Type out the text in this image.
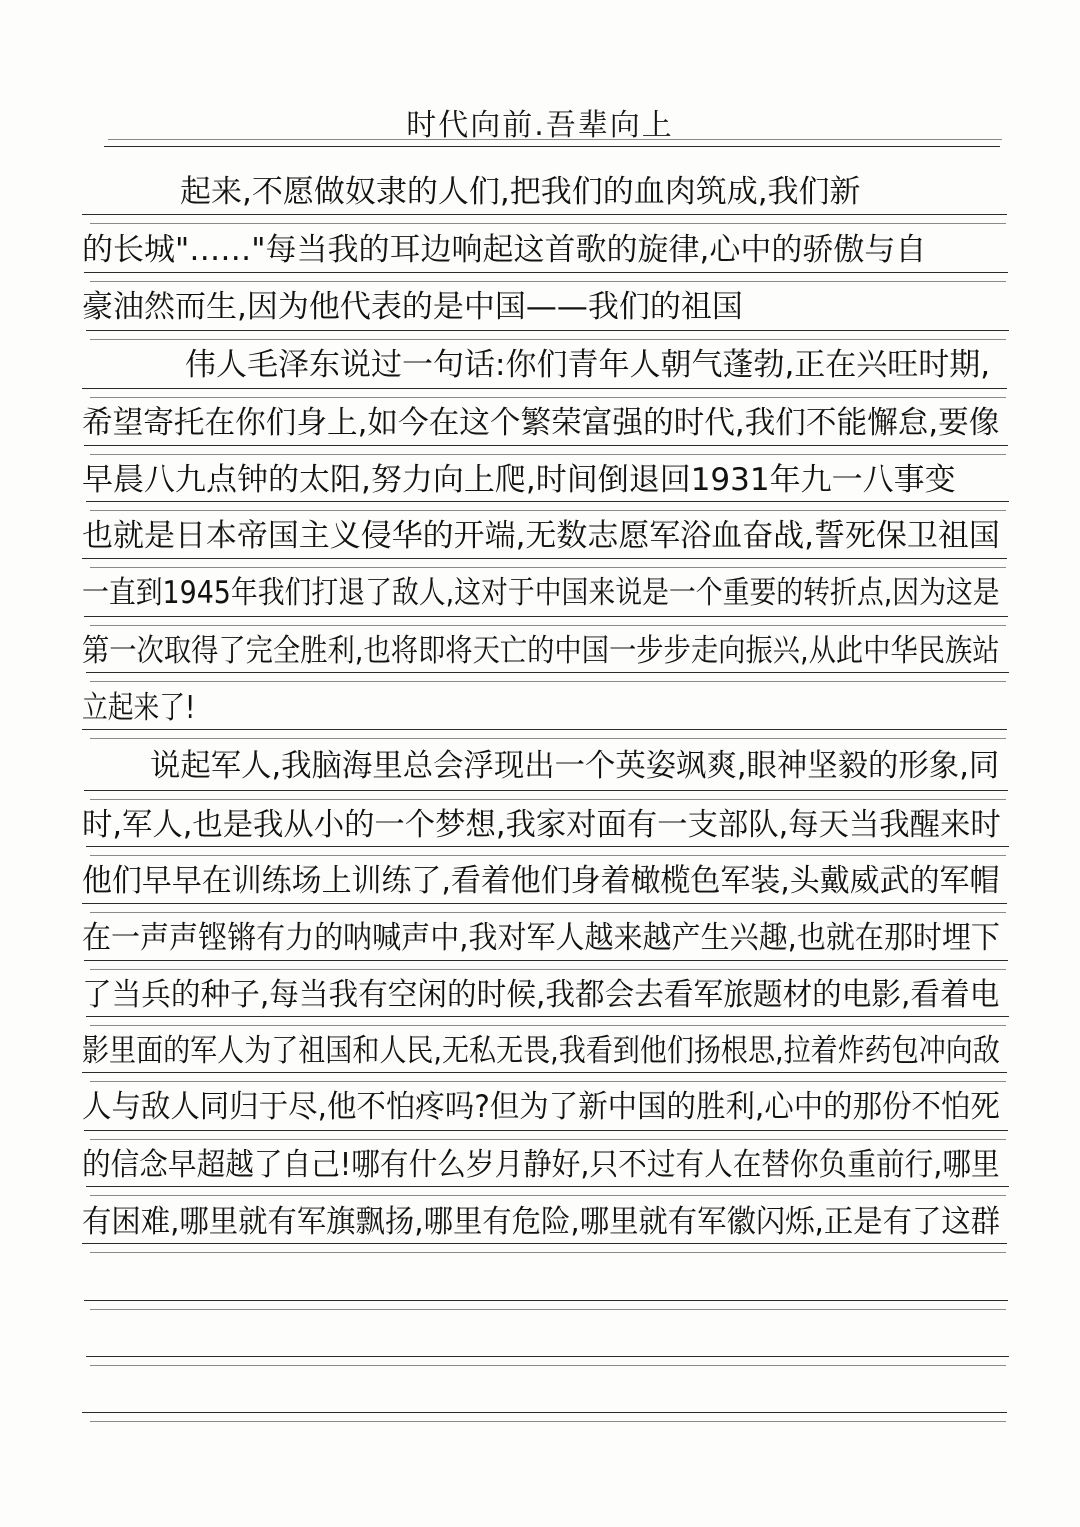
时代向前.吾辈向上
起来,不愿做奴隶的人们,把我们的血肉筑成,我们新
的长城"……"每当我的耳边响起这首歌的旋律,心中的骄傲与自
豪油然而生,因为他代表的是中国——我们的祖国
伟人毛泽东说过一句话:你们青年人朝气蓬勃,正在兴旺时期,
希望寄托在你们身上,如今在这个繁荣富强的时代,我们不能懈怠,要像
早晨八九点钟的太阳,努力向上爬,时间倒退回1931年九一八事变
也就是日本帝国主义侵华的开端,无数志愿军浴血奋战,誓死保卫祖国
一直到1945年我们打退了敌人,这对于中国来说是一个重要的转折点,因为这是
第一次取得了完全胜利,也将即将天亡的中国一步步走向振兴,从此中华民族站
立起来了!
说起军人,我脑海里总会浮现出一个英姿飒爽,眼神坚毅的形象,同
时,军人,也是我从小的一个梦想,我家对面有一支部队,每天当我醒来时
他们早早在训练场上训练了,看着他们身着橄榄色军装,头戴威武的军帽
在一声声铿锵有力的呐喊声中,我对军人越来越产生兴趣,也就在那时埋下
了当兵的种子,每当我有空闲的时候,我都会去看军旅题材的电影,看着电
影里面的军人为了祖国和人民,无私无畏,我看到他们扬根思,拉着炸药包冲向敌
人与敌人同归于尽,他不怕疼吗?但为了新中国的胜利,心中的那份不怕死
的信念早超越了自己!哪有什么岁月静好,只不过有人在替你负重前行,哪里
有困难,哪里就有军旗飘扬,哪里有危险,哪里就有军徽闪烁,正是有了这群
